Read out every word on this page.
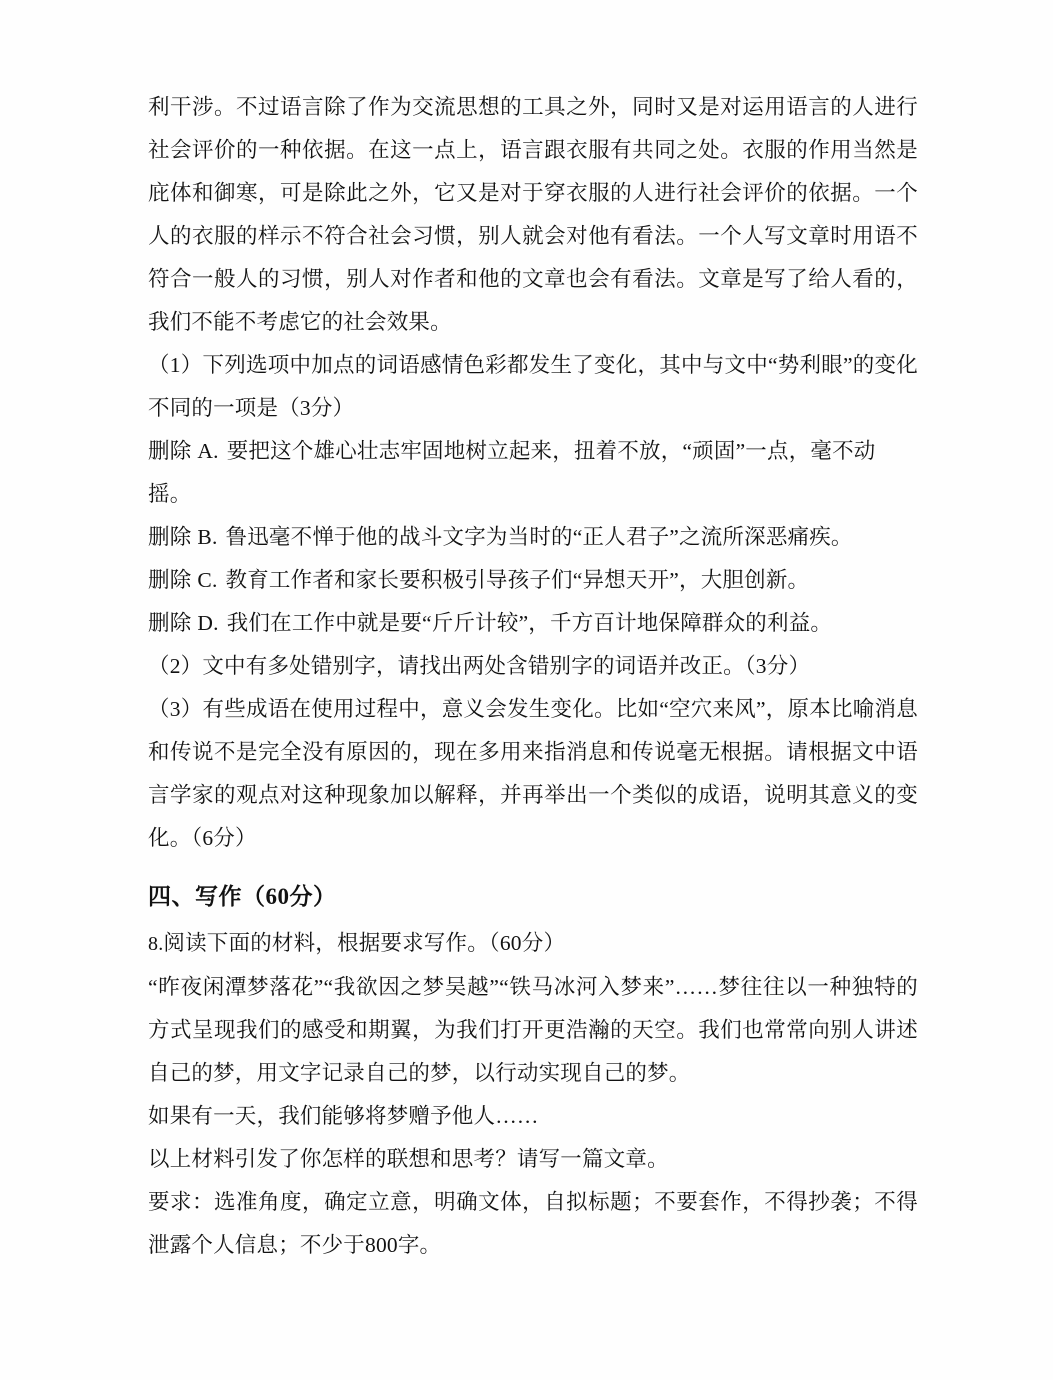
利干涉。不过语言除了作为交流思想的工具之外，同时又是对运用语言的人进行社会评价的一种依据。在这一点上，语言跟衣服有共同之处。衣服的作用当然是庇体和御寒，可是除此之外，它又是对于穿衣服的人进行社会评价的依据。一个人的衣服的样示不符合社会习惯，别人就会对他有看法。一个人写文章时用语不符合一般人的习惯，别人对作者和他的文章也会有看法。文章是写了给人看的，我们不能不考虑它的社会效果。

（1）下列选项中加点的词语感情色彩都发生了变化，其中与文中“势利眼”的变化不同的一项是（3分）

删除 A. 要把这个雄心壮志牢固地树立起来，扭着不放，“顽固”一点，毫不动摇。

删除 B. 鲁迅毫不惮于他的战斗文字为当时的“正人君子”之流所深恶痛疾。

删除 C. 教育工作者和家长要积极引导孩子们“异想天开”，大胆创新。

删除 D. 我们在工作中就是要“斤斤计较”，千方百计地保障群众的利益。

（2）文中有多处错别字，请找出两处含错别字的词语并改正。（3分）

（3）有些成语在使用过程中，意义会发生变化。比如“空穴来风”，原本比喻消息和传说不是完全没有原因的，现在多用来指消息和传说毫无根据。请根据文中语言学家的观点对这种现象加以解释，并再举出一个类似的成语，说明其意义的变化。（6分）

四、写作（60分）

8.阅读下面的材料，根据要求写作。（60分）

“昨夜闲潭梦落花”“我欲因之梦吴越”“铁马冰河入梦来”……梦往往以一种独特的方式呈现我们的感受和期翼，为我们打开更浩瀚的天空。我们也常常向别人讲述自己的梦，用文字记录自己的梦，以行动实现自己的梦。

如果有一天，我们能够将梦赠予他人……

以上材料引发了你怎样的联想和思考？请写一篇文章。

要求：选准角度，确定立意，明确文体，自拟标题；不要套作，不得抄袭；不得泄露个人信息；不少于800字。
